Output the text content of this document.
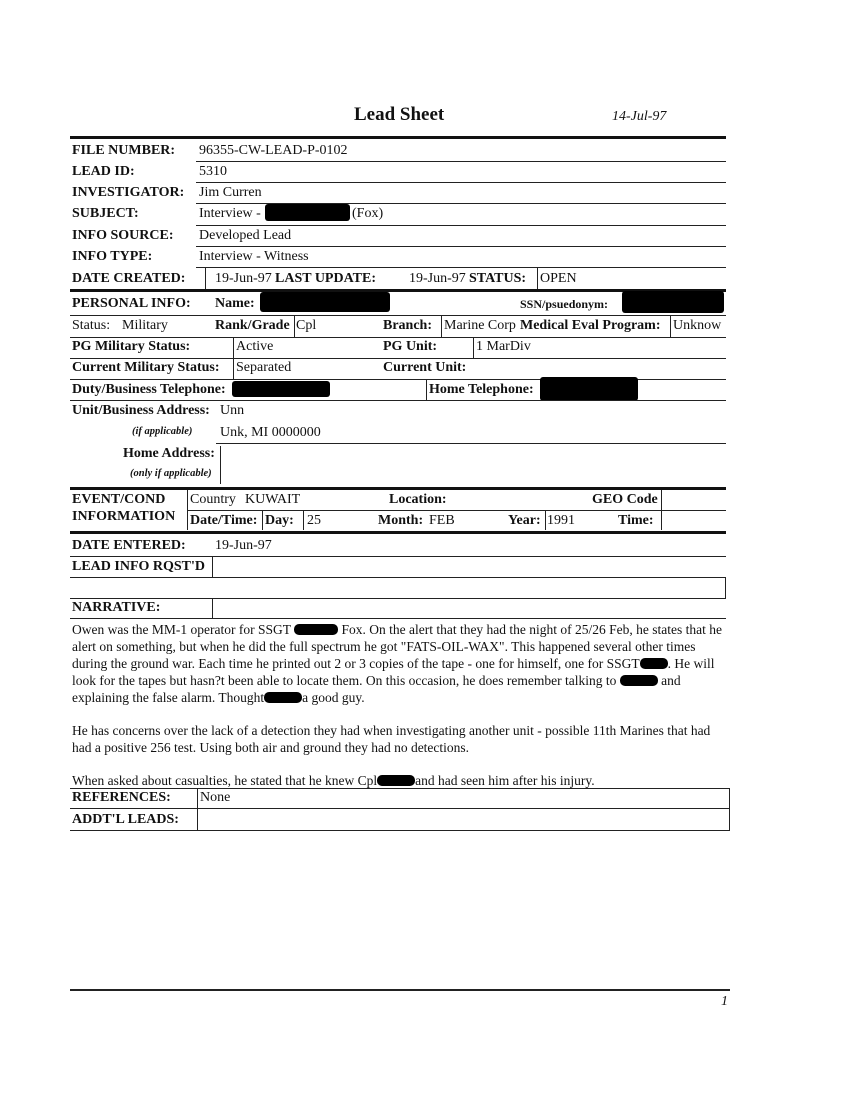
Lead Sheet	14-Jul-97
FILE NUMBER: 96355-CW-LEAD-P-0102
LEAD ID:	5310
INVESTIGATOR: Jim Curren
SUBJECT:	Interview -	(Fox)
INFO SOURCE: Developed Lead
INFO TYPE:	Interview - Witness
DATE CREATED: 19-Jun-97 LAST UPDATE: 19-Jun-97 STATUS: OPEN
PERSONAL INFO: Name:	SSN/psuedonym:
Status: Military	Rank/Grade Cpl	Branch: Marine Corp Medical Eval Program: Unknow
PG Military Status:	Active	PG Unit:	1 MarDiv
Current Military Status: Separated	Current Unit:
Duty/Business Telephone:	Home Telephone:
Unit/Business Address: Unn
(if applicable) Unk, MI 0000000
Home Address:
(only if applicable)
EVENT/COND
INFORMATION
Country KUWAIT	Location:	GEO Code
Date/Time: Day: 25	Month: FEB	Year: 1991	Time:
DATE ENTERED: 19-Jun-97
LEAD INFO RQST'D
NARRATIVE:

Owen was the MM-1 operator for SSGT	Fox. On the alert that they had the night of 25/26 Feb, he states that he alert on something, but when he did the full spectrum he got "FATS-OIL-WAX". This happened several other times during the ground war. Each time he printed out 2 or 3 copies of the tape - one for himself, one for SSGT . He will look for the tapes but hasn?t been able to locate them. On this occasion, he does remember talking to	and explaining the false alarm. Thought	a good guy.

He has concerns over the lack of a detection they had when investigating another unit - possible 11th Marines that had had a positive 256 test. Using both air and ground they had no detections.

When asked about casualties, he stated that he knew Cpl	and had seen him after his injury.

REFERENCES: None
ADDT'L LEADS:
1
